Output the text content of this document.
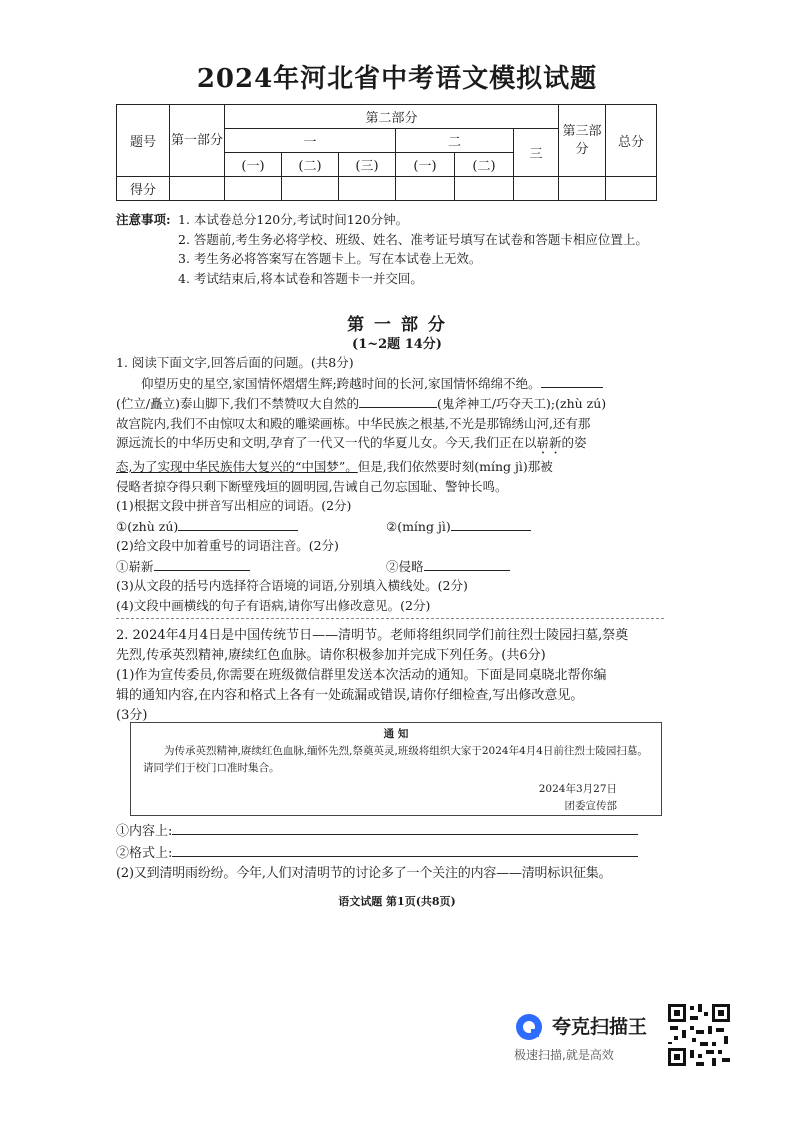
2024年河北省中考语文模拟试题
题号	第一部分	第二部分						第三部分	总分
		一			二		三		
		(一)	(二)	(三)	(一)	(二)			
得分									
注意事项: 1. 本试卷总分120分,考试时间120分钟。
2. 答题前,考生务必将学校、班级、姓名、准考证号填写在试卷和答题卡相应位置上。
3. 考生务必将答案写在答题卡上。写在本试卷上无效。
4. 考试结束后,将本试卷和答题卡一并交回。
第 一 部 分
(1~2题 14分)

1. 阅读下面文字,回答后面的问题。(共8分)

仰望历史的星空,家国情怀熠熠生辉;跨越时间的长河,家国情怀绵绵不绝。

(伫立/矗立)泰山脚下,我们不禁赞叹大自然的	(鬼斧神工/巧夺天工);(zhù zú)

故宫院内,我们不由惊叹太和殿的雕梁画栋。中华民族之根基,不光是那锦绣山河,还有那

源远流长的中华历史和文明,孕育了一代又一代的华夏儿女。今天,我们正在以崭新的姿

态,为了实现中华民族伟大复兴的“中国梦”。但是,我们依然要时刻(míng jì)那被

侵略者掠夺得只剩下断壁残垣的圆明园,告诫自己勿忘国耻、警钟长鸣。

(1)根据文段中拼音写出相应的词语。(2分)

①(zhù zú)	②(míng jì)

(2)给文段中加着重号的词语注音。(2分)

①崭新	②侵略

(3)从文段的括号内选择符合语境的词语,分别填入横线处。(2分)

(4)文段中画横线的句子有语病,请你写出修改意见。(2分)

2. 2024年4月4日是中国传统节日——清明节。老师将组织同学们前往烈士陵园扫墓,祭奠

先烈,传承英烈精神,赓续红色血脉。请你积极参加并完成下列任务。(共6分)

(1)作为宣传委员,你需要在班级微信群里发送本次活动的通知。下面是同桌晓北帮你编

辑的通知内容,在内容和格式上各有一处疏漏或错误,请你仔细检查,写出修改意见。

(3分)

通 知
为传承英烈精神,赓续红色血脉,缅怀先烈,祭奠英灵,班级将组织大家于2024年4月4日前往烈士陵园扫墓。请同学们于校门口准时集合。
2024年3月27日
团委宣传部

①内容上:

②格式上:

(2)又到清明雨纷纷。今年,人们对清明节的讨论多了一个关注的内容——清明标识征集。

语文试题 第1页(共8页)
夸克扫描王
极速扫描,就是高效
